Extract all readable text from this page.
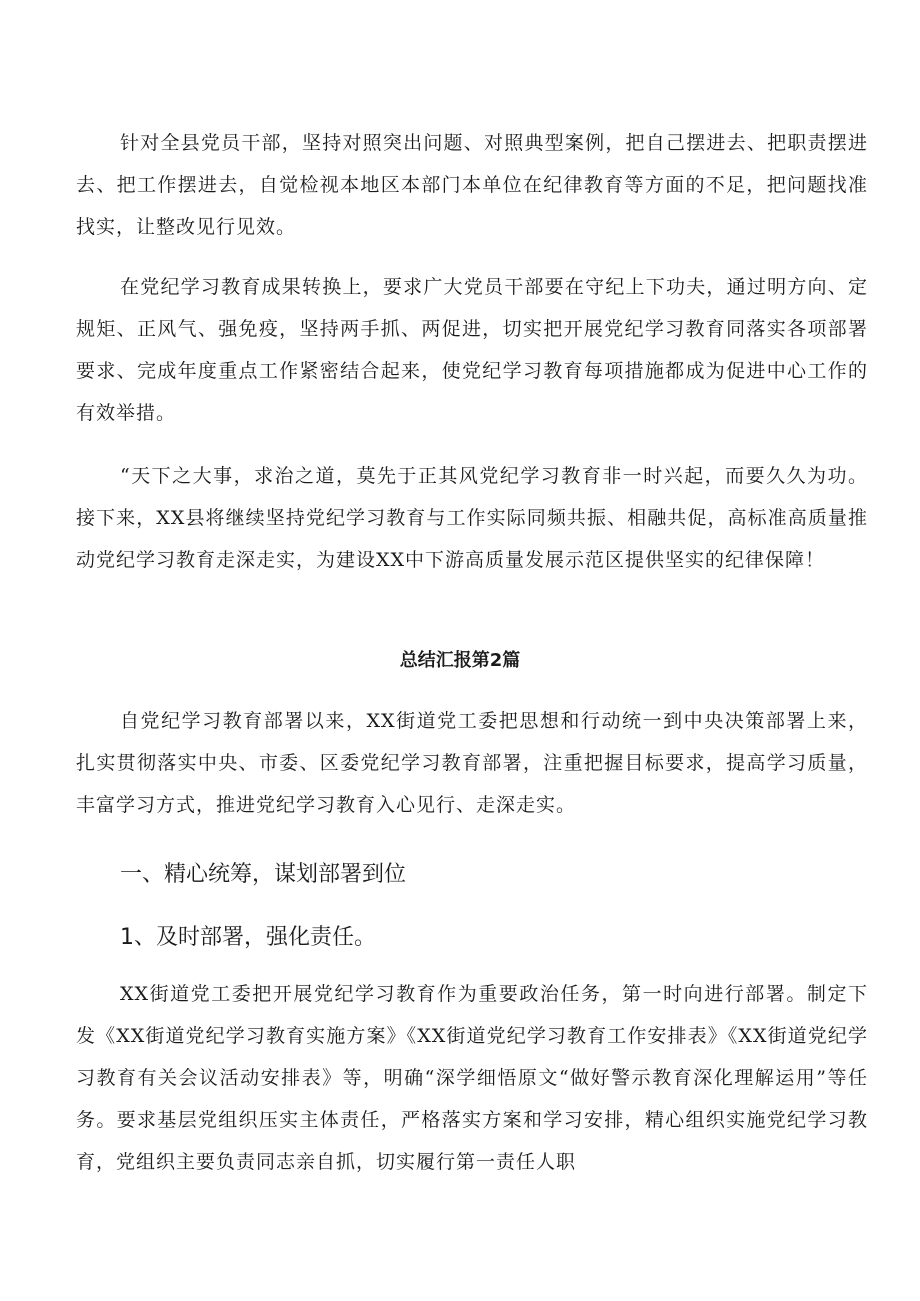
针对全县党员干部，坚持对照突出问题、对照典型案例，把自己摆进去、把职责摆进去、把工作摆进去，自觉检视本地区本部门本单位在纪律教育等方面的不足，把问题找准找实，让整改见行见效。

在党纪学习教育成果转换上，要求广大党员干部要在守纪上下功夫，通过明方向、定规矩、正风气、强免疫，坚持两手抓、两促进，切实把开展党纪学习教育同落实各项部署要求、完成年度重点工作紧密结合起来，使党纪学习教育每项措施都成为促进中心工作的有效举措。

“天下之大事，求治之道，莫先于正其风党纪学习教育非一时兴起，而要久久为功。接下来，XX县将继续坚持党纪学习教育与工作实际同频共振、相融共促，高标准高质量推动党纪学习教育走深走实，为建设XX中下游高质量发展示范区提供坚实的纪律保障！

总结汇报第2篇

自党纪学习教育部署以来，XX街道党工委把思想和行动统一到中央决策部署上来，扎实贯彻落实中央、市委、区委党纪学习教育部署，注重把握目标要求，提高学习质量，丰富学习方式，推进党纪学习教育入心见行、走深走实。

一、精心统筹，谋划部署到位
1、及时部署，强化责任。

XX街道党工委把开展党纪学习教育作为重要政治任务，第一时向进行部署。制定下发《XX街道党纪学习教育实施方案》《XX街道党纪学习教育工作安排表》《XX街道党纪学习教育有关会议活动安排表》等，明确“深学细悟原文“做好警示教育深化理解运用”等任务。要求基层党组织压实主体责任，严格落实方案和学习安排，精心组织实施党纪学习教育，党组织主要负责同志亲自抓，切实履行第一责任人职
